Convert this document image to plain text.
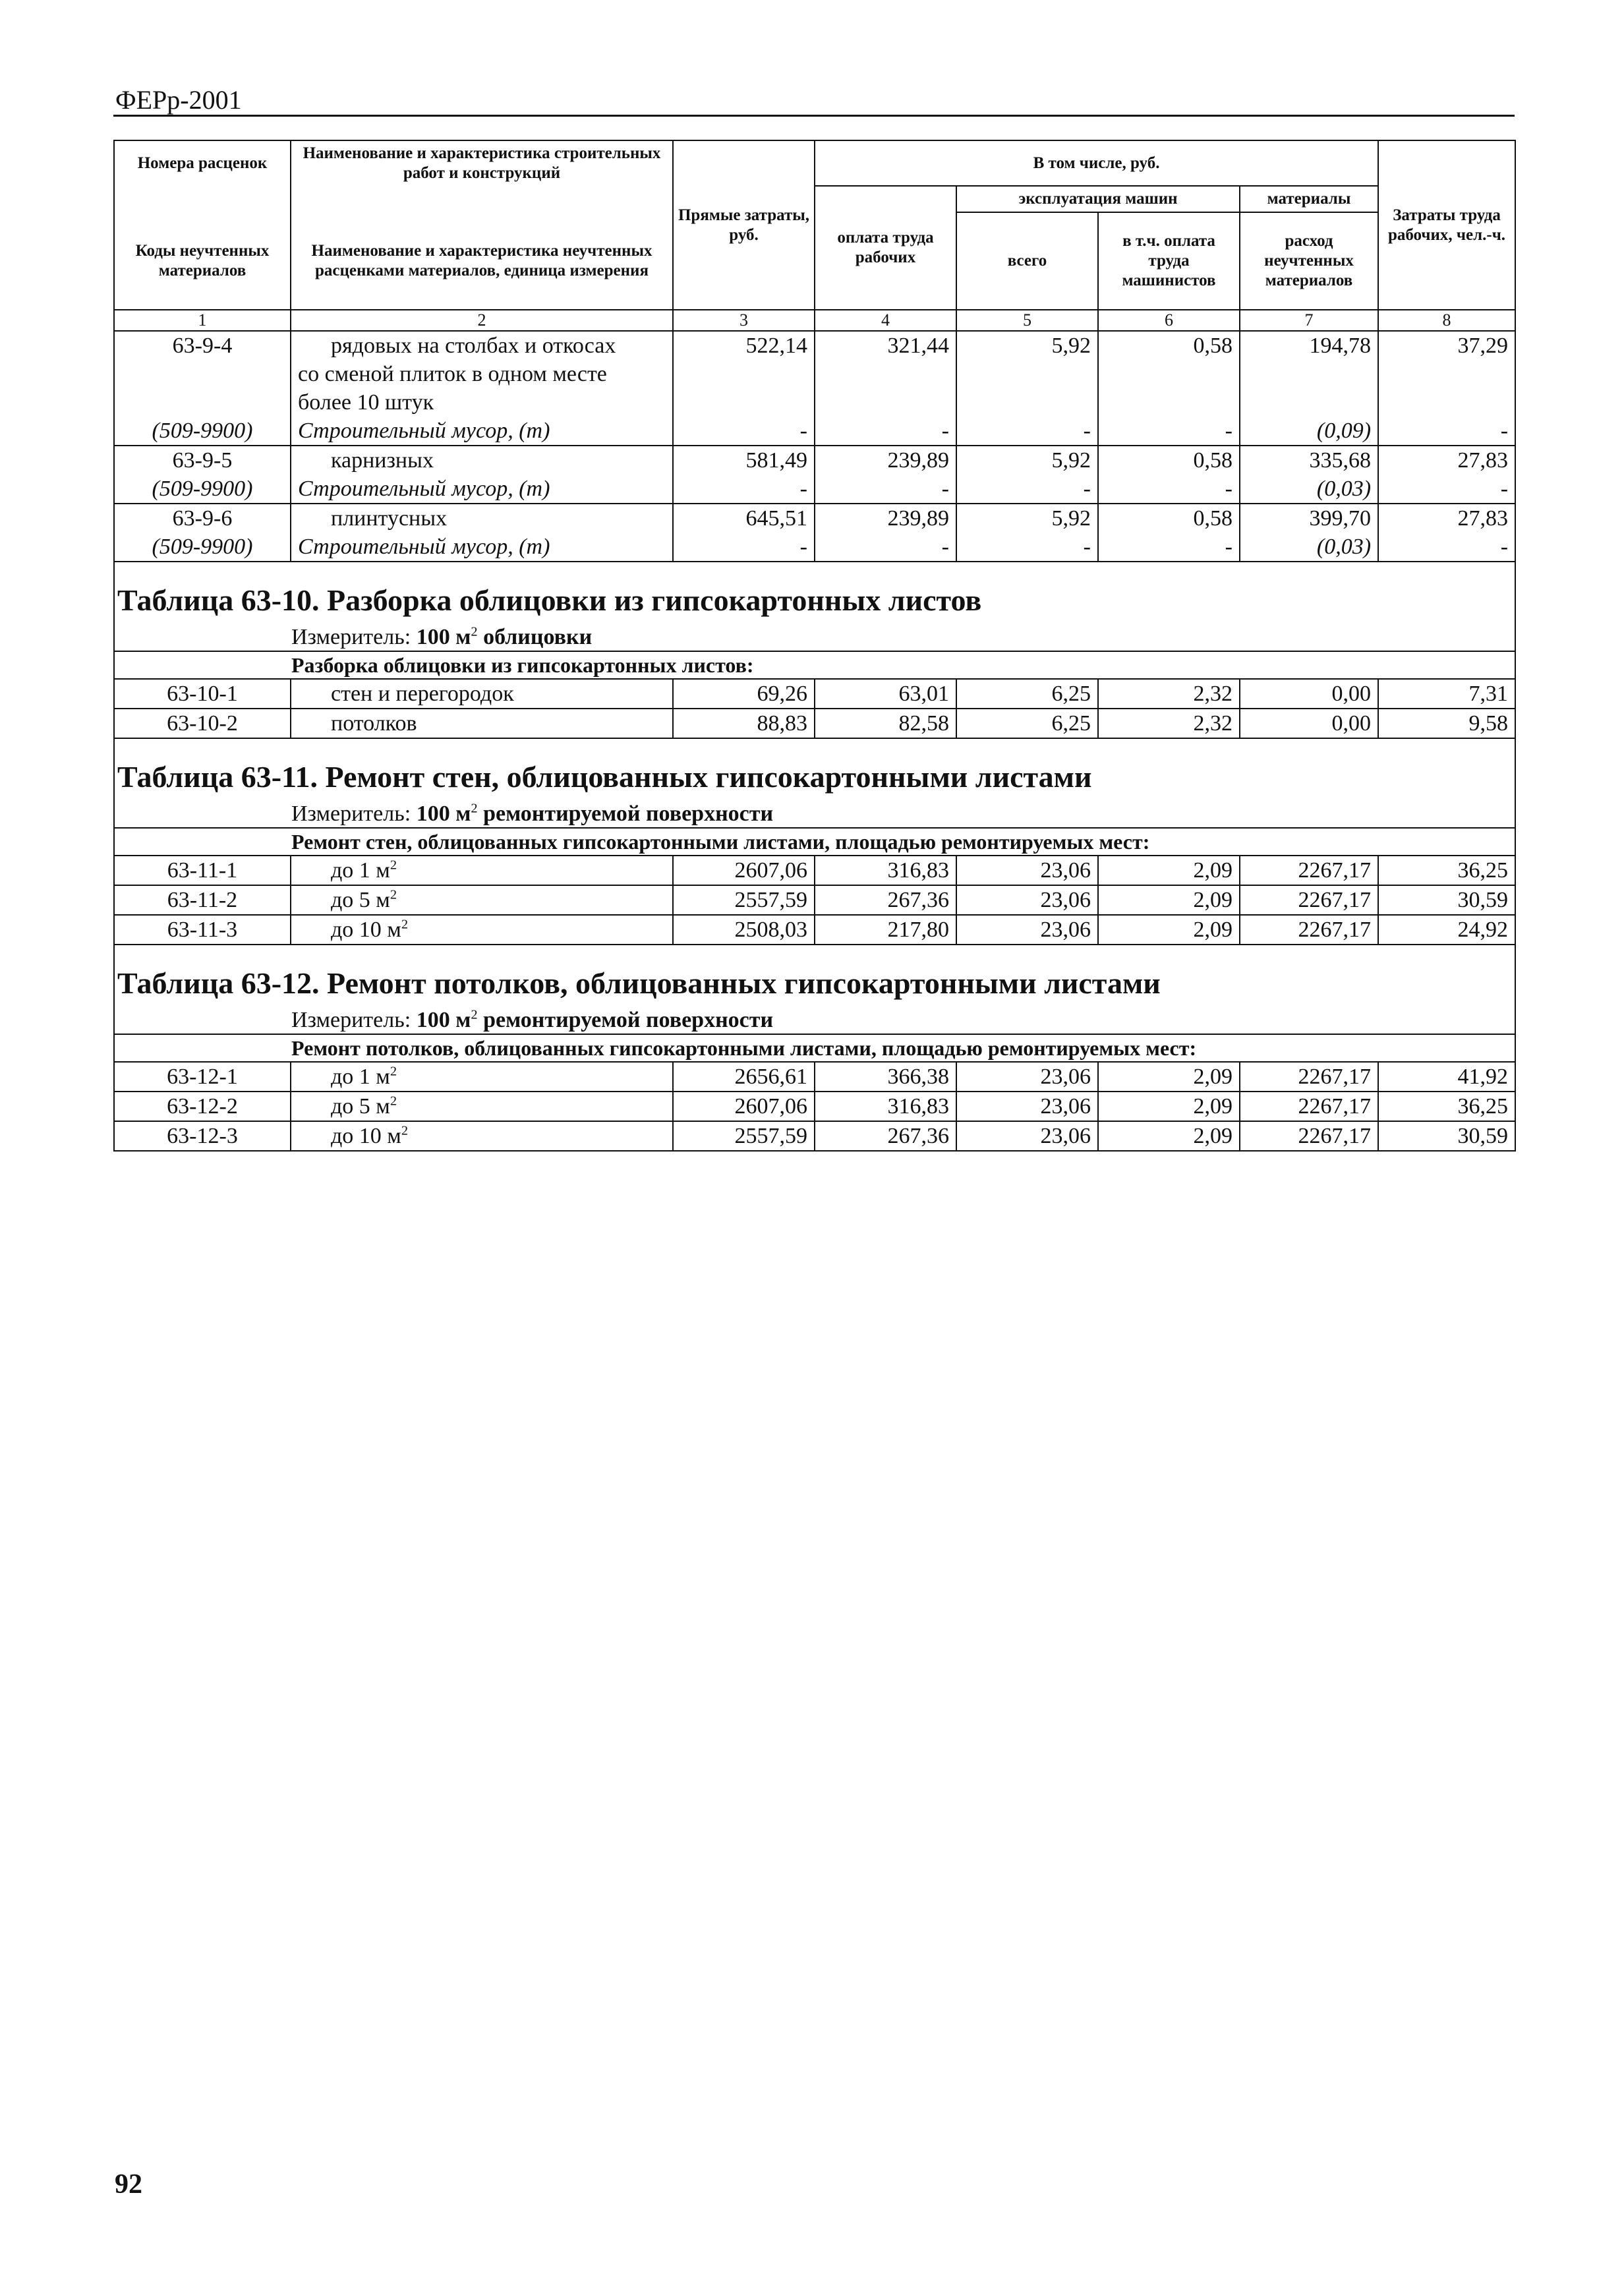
ФЕРр-2001
Номера расценок	Наименование и характеристика строительных работ и конструкций	Прямые затраты, руб.	В том числе, руб.				Затраты труда рабочих, чел.-ч.
			оплата труда рабочих	эксплуатация машин		материалы	
Коды неучтенных материалов	Наименование и характеристика неучтенных расценками материалов, единица измерения			всего	в т.ч. оплата труда машинистов	расход неучтенных материалов	
1	2	3	4	5	6	7	8
63-9-4	рядовых на столбах и откосах
со сменой плиток в одном месте
более 10 штук	522,14	321,44	5,92	0,58	194,78	37,29
(509-9900)	Строительный мусор, (т)	-	-	-	-	(0,09)	-
63-9-5	карнизных	581,49	239,89	5,92	0,58	335,68	27,83
(509-9900)	Строительный мусор, (т)	-	-	-	-	(0,03)	-
63-9-6	плинтусных	645,51	239,89	5,92	0,58	399,70	27,83
(509-9900)	Строительный мусор, (т)	-	-	-	-	(0,03)	-

Таблица 63-10. Разборка облицовки из гипсокартонных листов
Измеритель: 100 $м^2$ облицовки
Разборка облицовки из гипсокартонных листов:							

63-10-1	стен и перегородок	69,26	63,01	6,25	2,32	0,00	7,31
63-10-2	потолков	88,83	82,58	6,25	2,32	0,00	9,58

Таблица 63-11. Ремонт стен, облицованных гипсокартонными листами
Измеритель: 100 $м^2$ ремонтируемой поверхности
Ремонт стен, облицованных гипсокартонными листами, площадью ремонтируемых мест:							

63-11-1	до 1 $м^2$	2607,06	316,83	23,06	2,09	2267,17	36,25
63-11-2	до 5 $м^2$	2557,59	267,36	23,06	2,09	2267,17	30,59
63-11-3	до 10 $м^2$	2508,03	217,80	23,06	2,09	2267,17	24,92

Таблица 63-12. Ремонт потолков, облицованных гипсокартонными листами
Измеритель: 100 $м^2$ ремонтируемой поверхности
Ремонт потолков, облицованных гипсокартонными листами, площадью ремонтируемых мест:							

63-12-1	до 1 $м^2$	2656,61	366,38	23,06	2,09	2267,17	41,92
63-12-2	до 5 $м^2$	2607,06	316,83	23,06	2,09	2267,17	36,25
63-12-3	до 10 $м^2$	2557,59	267,36	23,06	2,09	2267,17	30,59
92
